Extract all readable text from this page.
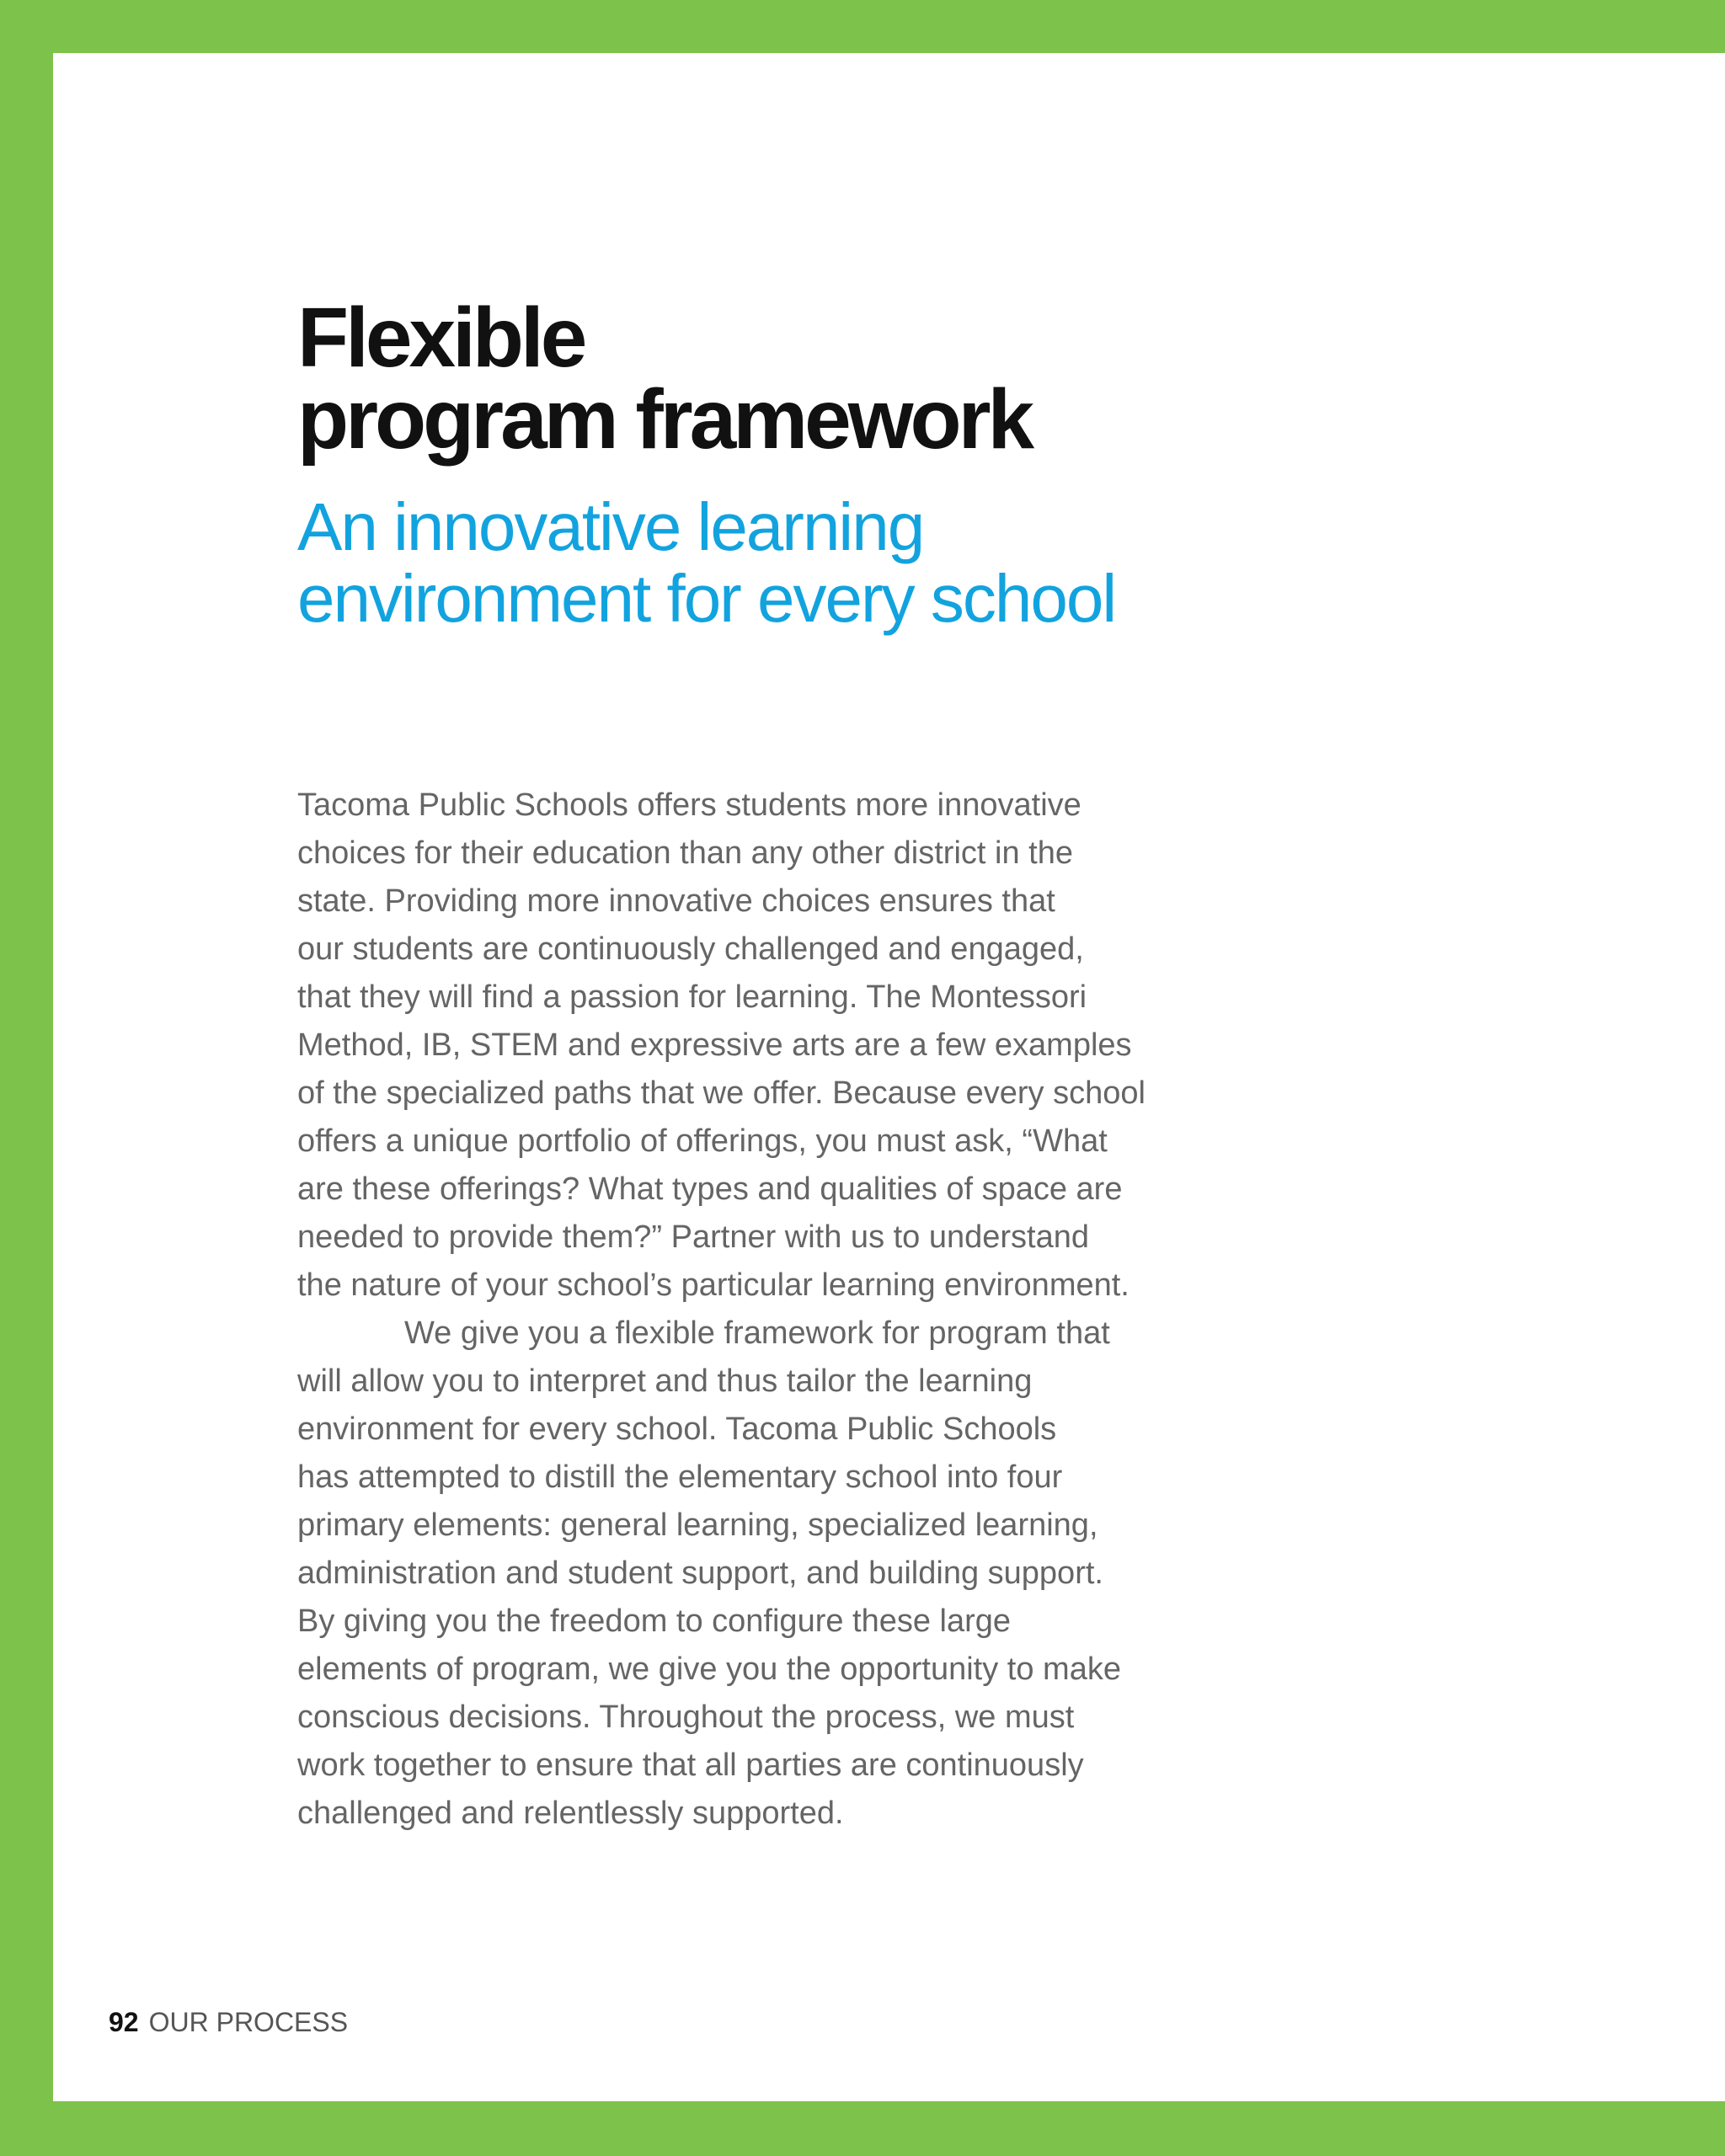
Flexible
program framework
An innovative learning
environment for every school
Tacoma Public Schools offers students more innovative
choices for their education than any other district in the
state. Providing more innovative choices ensures that
our students are continuously challenged and engaged,
that they will find a passion for learning. The Montessori
Method, IB, STEM and expressive arts are a few examples
of the specialized paths that we offer. Because every school
offers a unique portfolio of offerings, you must ask, “What
are these offerings? What types and qualities of space are
needed to provide them?” Partner with us to understand
the nature of your school’s particular learning environment.
We give you a flexible framework for program that
will allow you to interpret and thus tailor the learning
environment for every school. Tacoma Public Schools
has attempted to distill the elementary school into four
primary elements: general learning, specialized learning,
administration and student support, and building support.
By giving you the freedom to configure these large
elements of program, we give you the opportunity to make
conscious decisions. Throughout the process, we must
work together to ensure that all parties are continuously
challenged and relentlessly supported.
92 OUR PROCESS
